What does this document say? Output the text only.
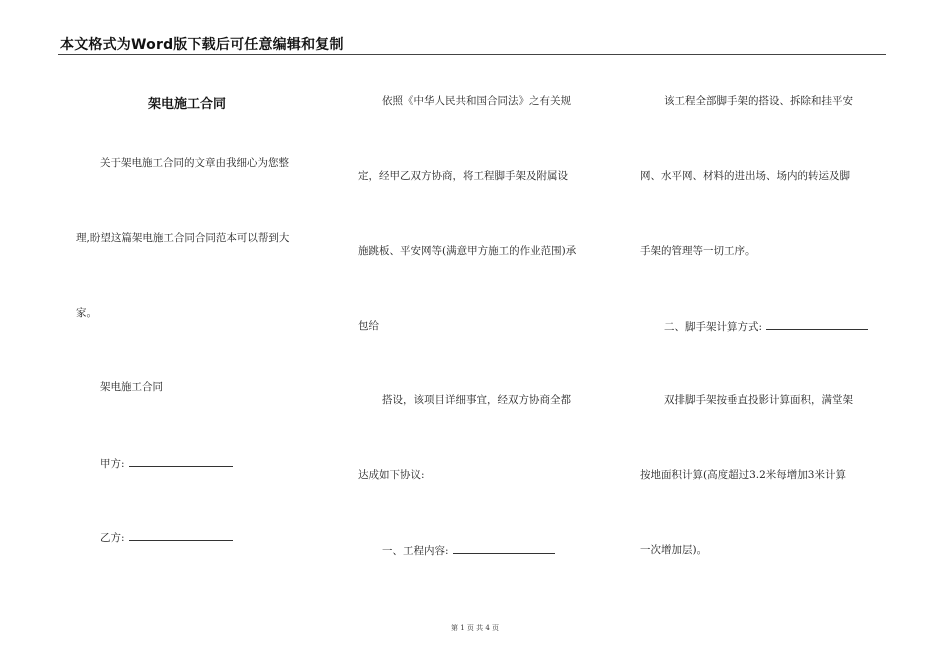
本文格式为Word版下载后可任意编辑和复制
架电施工合同
关于架电施工合同的文章由我细心为您整
理,盼望这篇架电施工合同合同范本可以帮到大
家。
架电施工合同
甲方:
乙方:
依照《中华人民共和国合同法》之有关规
定，经甲乙双方协商，将工程脚手架及附属设
施跳板、平安网等(满意甲方施工的作业范围)承
包给
搭设，该项目详细事宜，经双方协商全都
达成如下协议:
一、工程内容:
该工程全部脚手架的搭设、拆除和挂平安
网、水平网、材料的进出场、场内的转运及脚
手架的管理等一切工序。
二、脚手架计算方式:
双排脚手架按垂直投影计算面积，满堂架
按地面积计算(高度超过3.2米每增加3米计算
一次增加层)。
第 1 页 共 4 页
